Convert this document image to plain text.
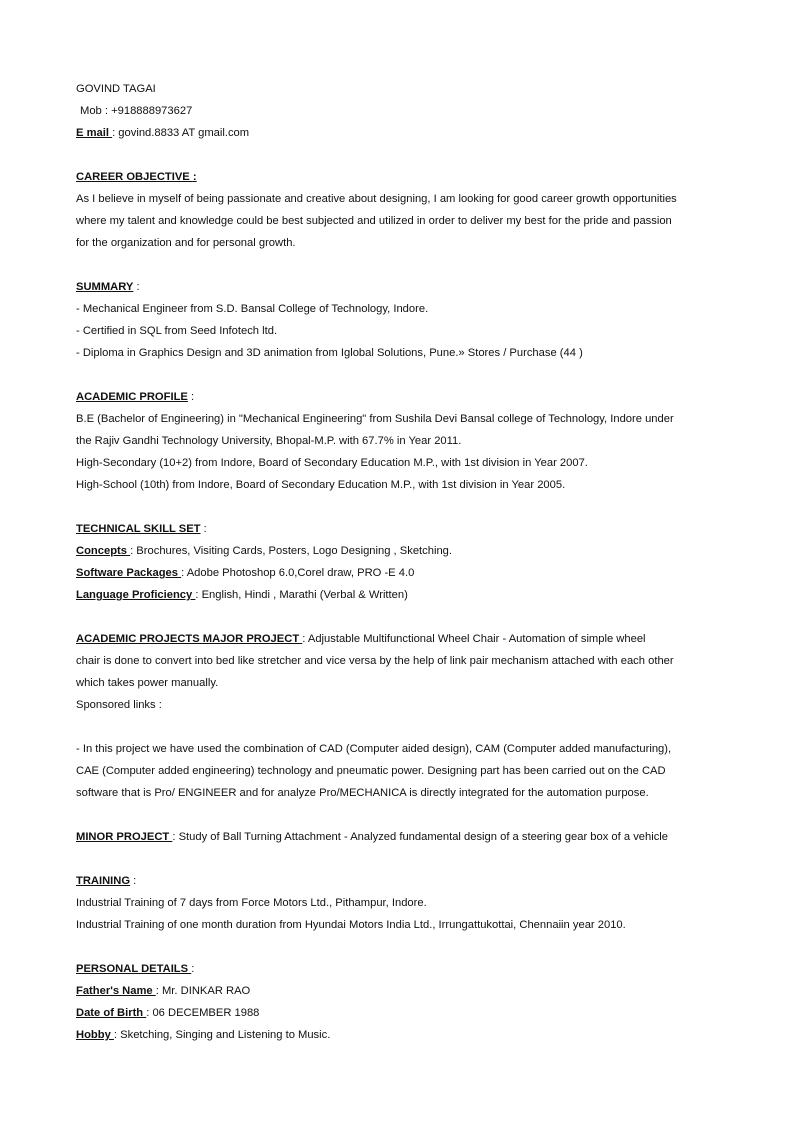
GOVIND TAGAI
Mob : +918888973627
E mail : govind.8833 AT gmail.com
CAREER OBJECTIVE :
As I believe in myself of being passionate and creative about designing, I am looking for good career growth opportunities
where my talent and knowledge could be best subjected and utilized in order to deliver my best for the pride and passion
for the organization and for personal growth.
SUMMARY :
- Mechanical Engineer from S.D. Bansal College of Technology, Indore.
- Certified in SQL from Seed Infotech ltd.
- Diploma in Graphics Design and 3D animation from Iglobal Solutions, Pune.» Stores / Purchase (44 )
ACADEMIC PROFILE :
B.E (Bachelor of Engineering) in "Mechanical Engineering" from Sushila Devi Bansal college of Technology, Indore under
the Rajiv Gandhi Technology University, Bhopal-M.P. with 67.7% in Year 2011.
High-Secondary (10+2) from Indore, Board of Secondary Education M.P., with 1st division in Year 2007.
High-School (10th) from Indore, Board of Secondary Education M.P., with 1st division in Year 2005.
TECHNICAL SKILL SET :
Concepts : Brochures, Visiting Cards, Posters, Logo Designing , Sketching.
Software Packages : Adobe Photoshop 6.0,Corel draw, PRO -E 4.0
Language Proficiency : English, Hindi , Marathi (Verbal & Written)
ACADEMIC PROJECTS MAJOR PROJECT : Adjustable Multifunctional Wheel Chair - Automation of simple wheel
chair is done to convert into bed like stretcher and vice versa by the help of link pair mechanism attached with each other
which takes power manually.
Sponsored links :
- In this project we have used the combination of CAD (Computer aided design), CAM (Computer added manufacturing),
CAE (Computer added engineering) technology and pneumatic power. Designing part has been carried out on the CAD
software that is Pro/ ENGINEER and for analyze Pro/MECHANICA is directly integrated for the automation purpose.
MINOR PROJECT : Study of Ball Turning Attachment - Analyzed fundamental design of a steering gear box of a vehicle
TRAINING :
Industrial Training of 7 days from Force Motors Ltd., Pithampur, Indore.
Industrial Training of one month duration from Hyundai Motors India Ltd., Irrungattukottai, Chennaiin year 2010.
PERSONAL DETAILS :
Father's Name : Mr. DINKAR RAO
Date of Birth : 06 DECEMBER 1988
Hobby : Sketching, Singing and Listening to Music.
